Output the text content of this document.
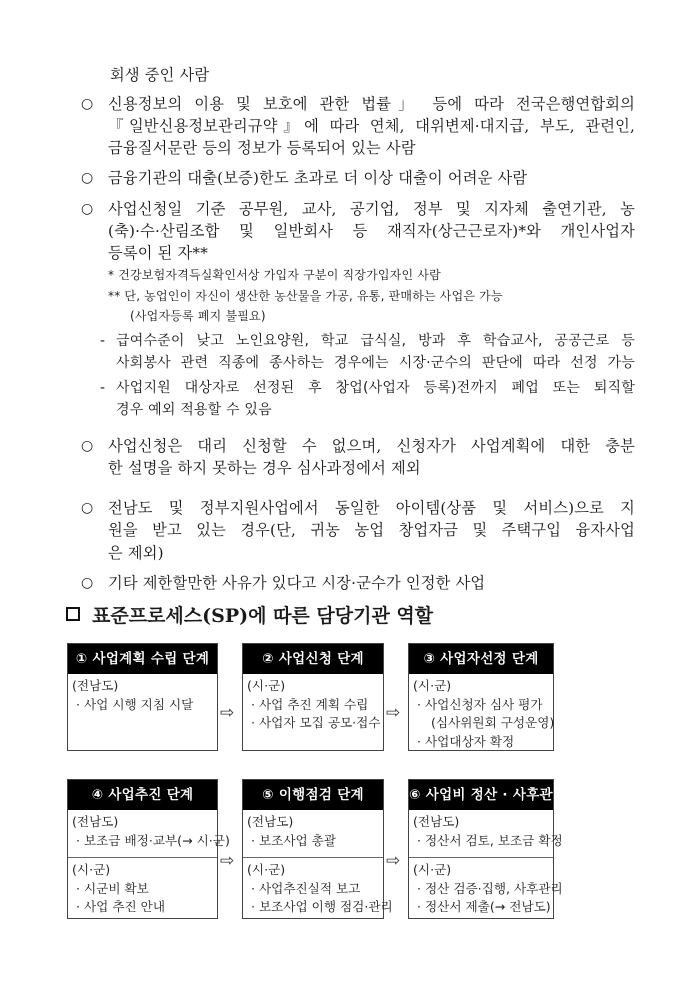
회생 중인 사람
○ 신용정보의 이용 및 보호에 관한 법률」 등에 따라 전국은행연합회의
『일반신용정보관리규약』에 따라 연체, 대위변제·대지급, 부도, 관련인,
금융질서문란 등의 정보가 등록되어 있는 사람
○ 금융기관의 대출(보증)한도 초과로 더 이상 대출이 어려운 사람
○ 사업신청일 기준 공무원, 교사, 공기업, 정부 및 지자체 출연기관, 농
(축)·수·산림조합 및 일반회사 등 재직자(상근근로자)*와 개인사업자
등록이 된 자**
* 건강보험자격득실확인서상 가입자 구분이 직장가입자인 사람
** 단, 농업인이 자신이 생산한 농산물을 가공, 유통, 판매하는 사업은 가능
(사업자등록 폐지 불필요)
- 급여수준이 낮고 노인요양원, 학교 급식실, 방과 후 학습교사, 공공근로 등
사회봉사 관련 직종에 종사하는 경우에는 시장·군수의 판단에 따라 선정 가능
- 사업지원 대상자로 선정된 후 창업(사업자 등록)전까지 폐업 또는 퇴직할
경우 예외 적용할 수 있음
○ 사업신청은 대리 신청할 수 없으며, 신청자가 사업계획에 대한 충분
한 설명을 하지 못하는 경우 심사과정에서 제외
○ 전남도 및 정부지원사업에서 동일한 아이템(상품 및 서비스)으로 지
원을 받고 있는 경우(단, 귀농 농업 창업자금 및 주택구입 융자사업
은 제외)
○ 기타 제한할만한 사유가 있다고 시장·군수가 인정한 사업
표준프로세스(SP)에 따른 담당기관 역할
① 사업계획 수립 단계
(전남도)
· 사업 시행 지침 시달	⇨
② 사업신청 단계
(시·군)
· 사업 추진 계획 수립
· 사업자 모집 공모·접수 ⇨
③ 사업자선정 단계
(시·군)
· 사업신청자 심사 평가
(심사위원회 구성운영)
· 사업대상자 확정
④ 사업추진 단계
(전남도)
· 보조금 배정·교부(→ 시·군)
(시·군)
· 시군비 확보
· 사업 추진 안내
⇨
⑤ 이행점검 단계
(전남도)
· 보조사업 총괄
(시·군)
· 사업추진실적 보고
· 보조사업 이행 점검·관리
⇨
⑥ 사업비 정산 · 사후관리
(전남도)
· 정산서 검토, 보조금 확정
(시·군)
· 정산 검증·집행, 사후관리
· 정산서 제출(→ 전남도)
